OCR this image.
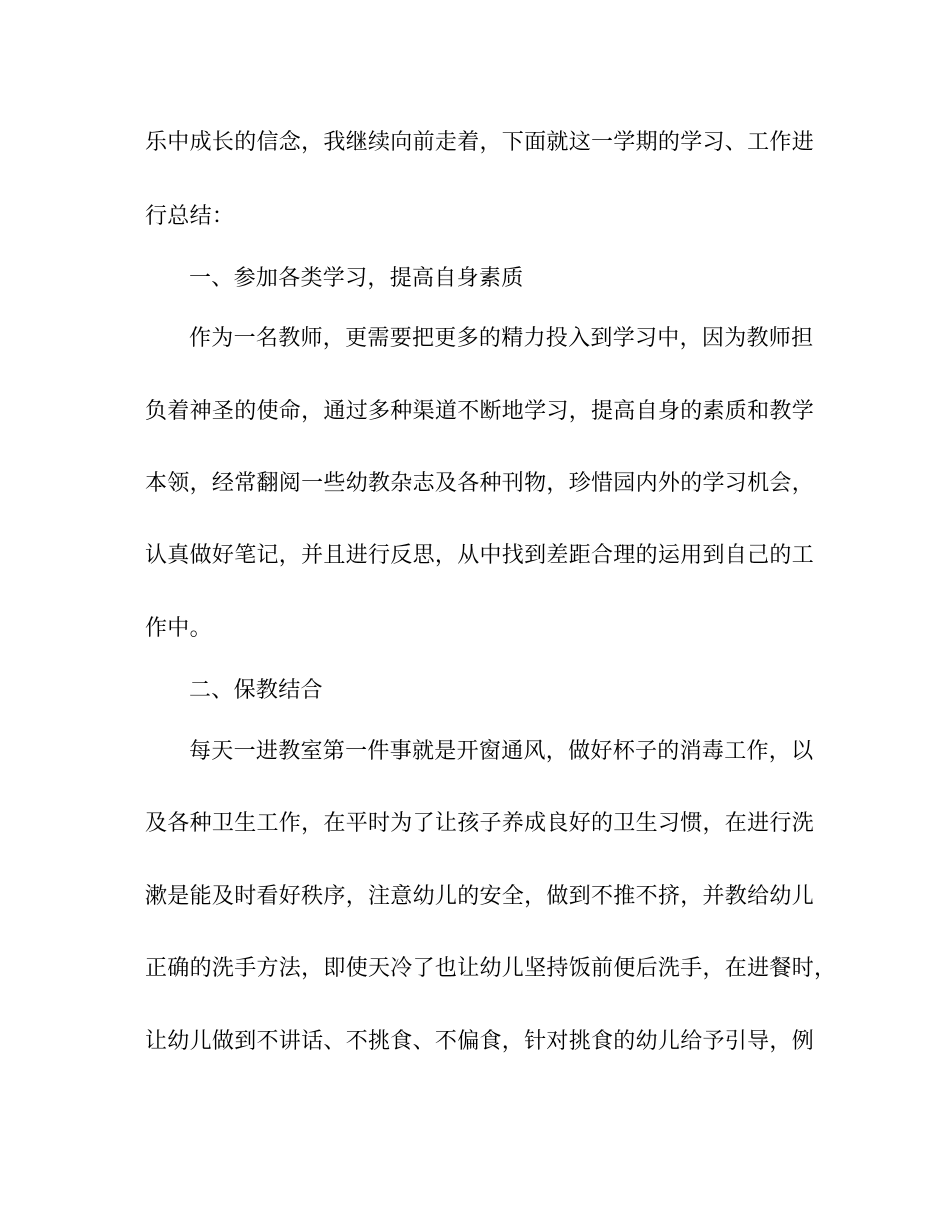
乐中成长的信念，我继续向前走着，下面就这一学期的学习、工作进
行总结：
一、参加各类学习，提高自身素质
作为一名教师，更需要把更多的精力投入到学习中，因为教师担
负着神圣的使命，通过多种渠道不断地学习，提高自身的素质和教学
本领，经常翻阅一些幼教杂志及各种刊物，珍惜园内外的学习机会，
认真做好笔记，并且进行反思，从中找到差距合理的运用到自己的工
作中。
二、保教结合
每天一进教室第一件事就是开窗通风，做好杯子的消毒工作，以
及各种卫生工作，在平时为了让孩子养成良好的卫生习惯，在进行洗
漱是能及时看好秩序，注意幼儿的安全，做到不推不挤，并教给幼儿
正确的洗手方法，即使天冷了也让幼儿坚持饭前便后洗手，在进餐时，
让幼儿做到不讲话、不挑食、不偏食，针对挑食的幼儿给予引导，例
